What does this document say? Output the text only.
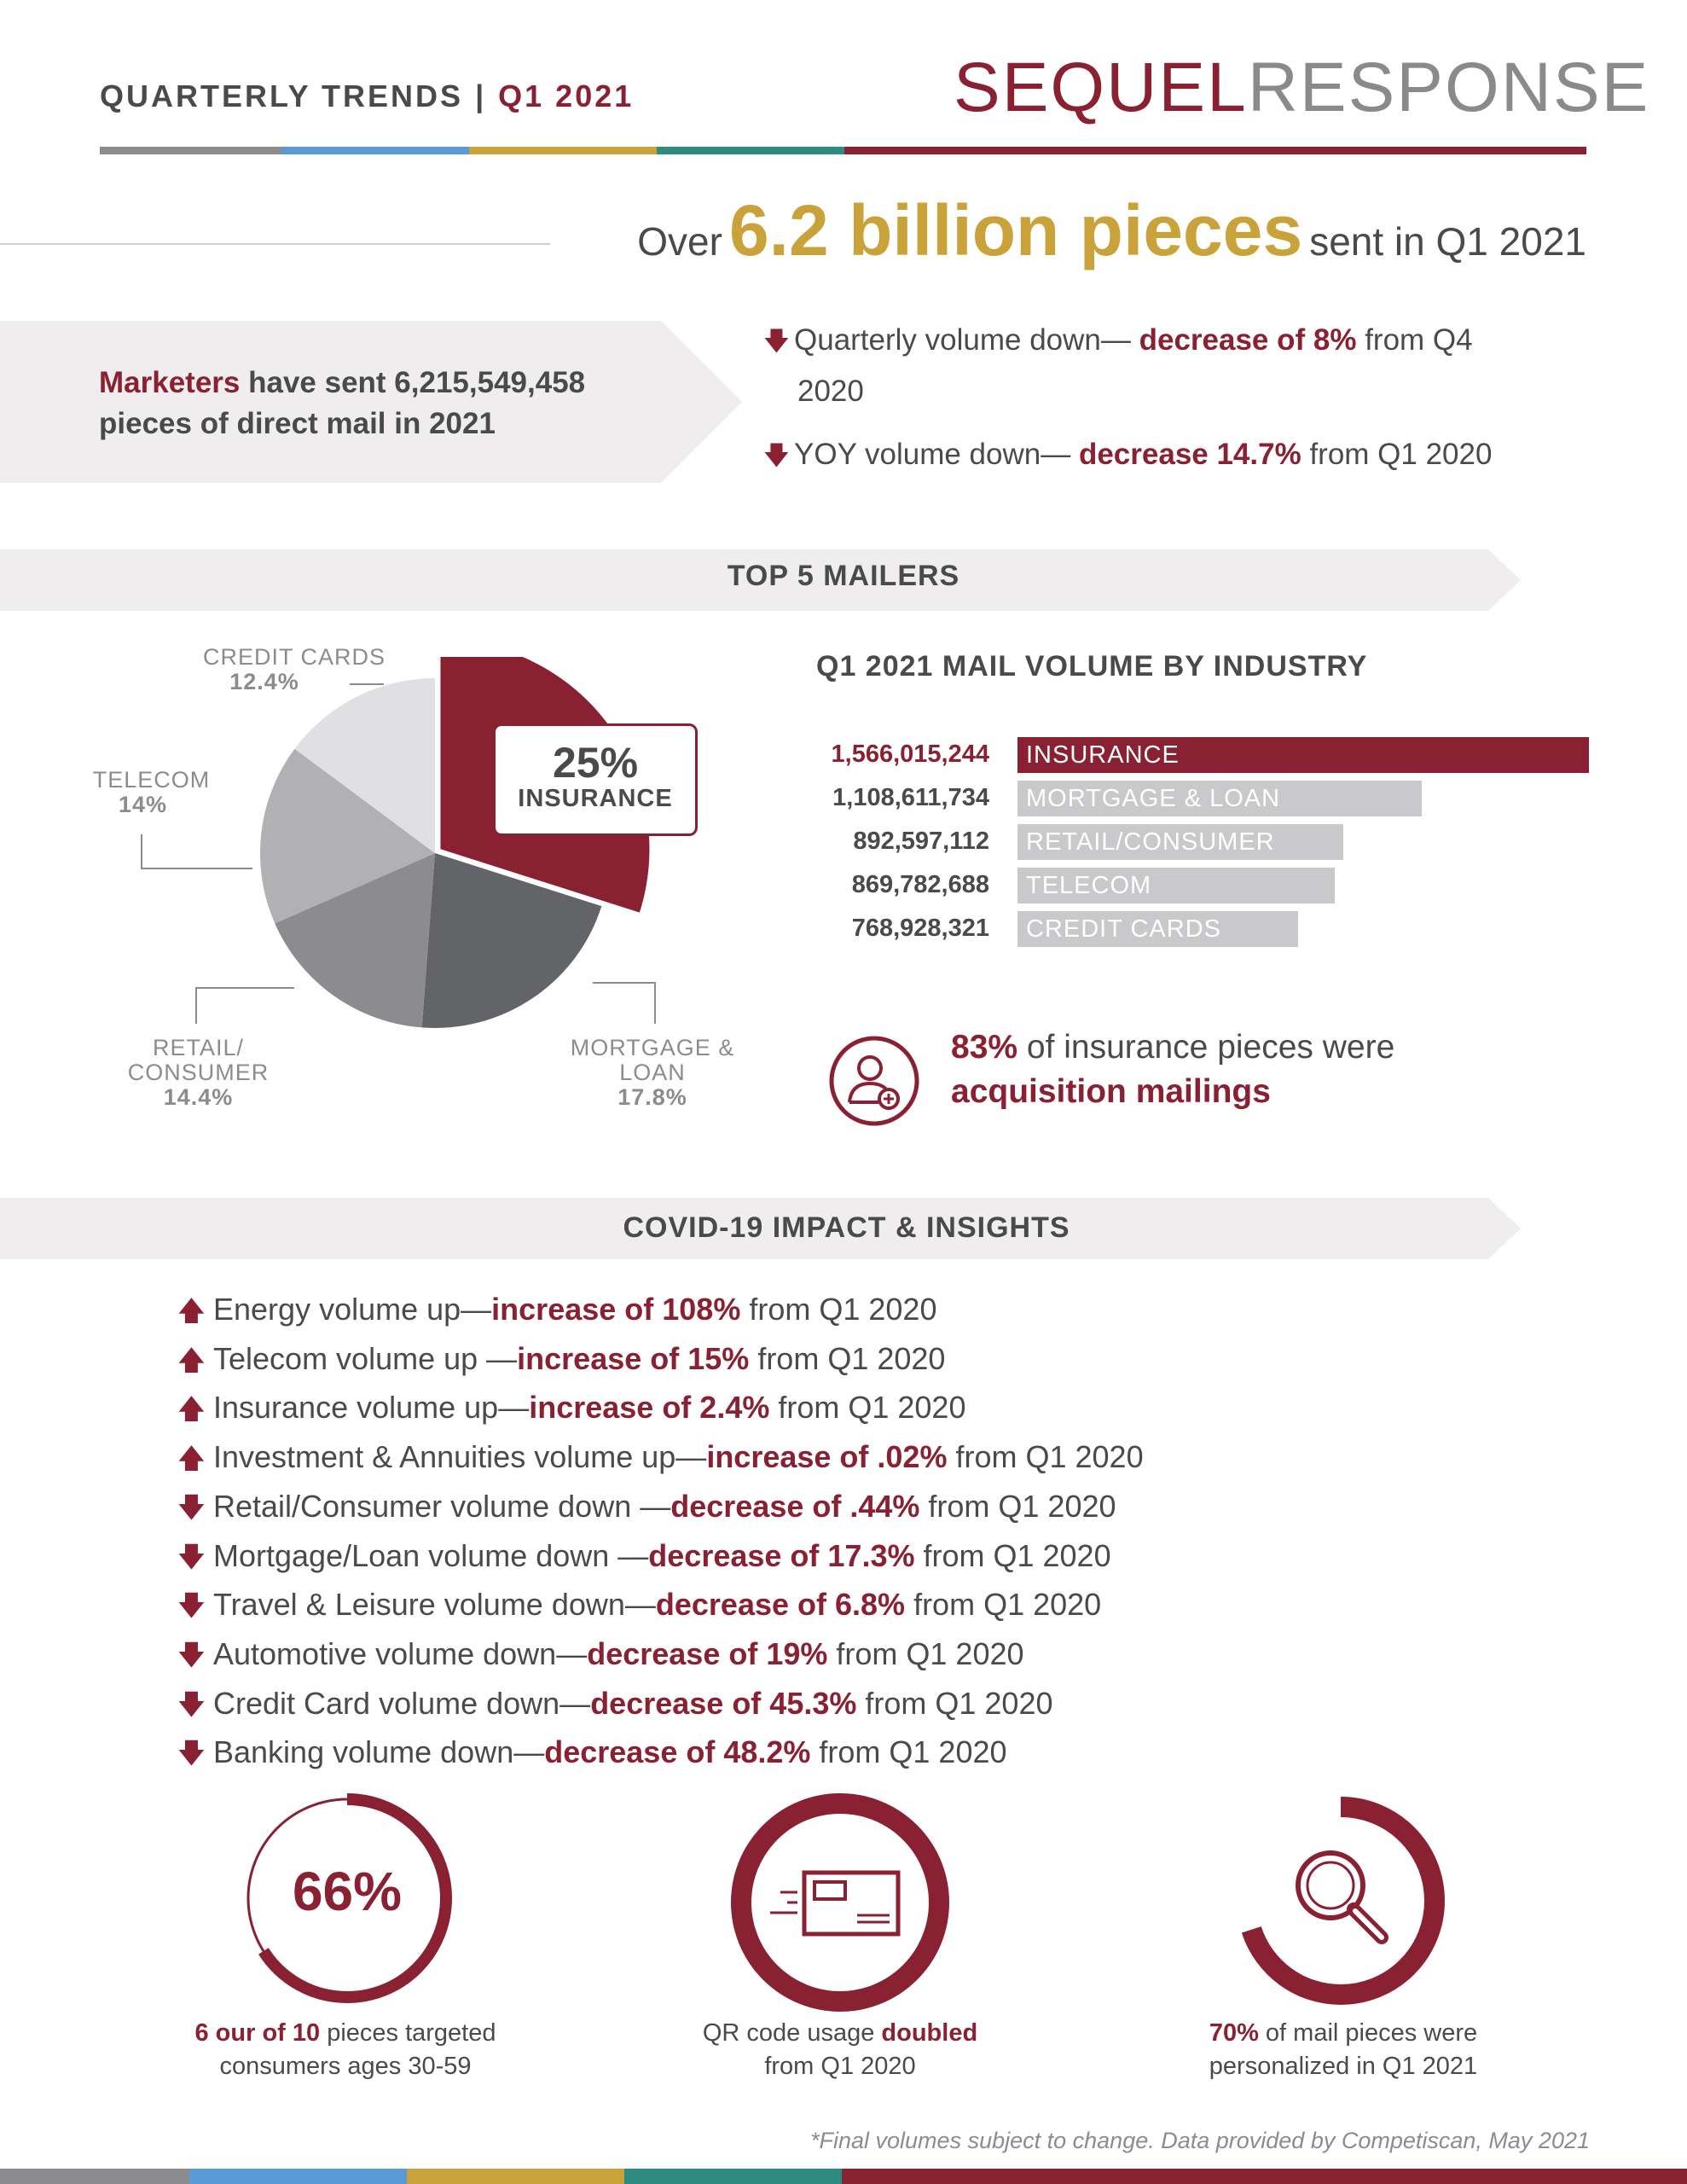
QUARTERLY TRENDS | Q1 2021	SEQUELRESPONSE
Over6.2 billion pieces sent in Q1 2021
Marketers have sent 6,215,549,458 pieces of direct mail in 2021
🡇 Quarterly volume down— decrease of 8% from Q4
2020
🡇 YOY volume down— decrease 14.7% from Q1 2020
TOP 5 MAILERS
CREDIT CARDS
12.4%
TELECOM
14%
RETAIL/
CONSUMER
14.4%
MORTGAGE &
LOAN
17.8%
25%
INSURANCE
Q1 2021 MAIL VOLUME BY INDUSTRY
1,566,015,244 INSURANCE
1,108,611,734 MORTGAGE & LOAN
892,597,112 RETAIL/CONSUMER
869,782,688 TELECOM
768,928,321 CREDIT CARDS
83% of insurance pieces were
acquisition mailings
COVID-19 IMPACT & INSIGHTS
🡅 Energy volume up—increase of 108% from Q1 2020
🡅 Telecom volume up —increase of 15% from Q1 2020
🡅 Insurance volume up—increase of 2.4% from Q1 2020
🡅 Investment & Annuities volume up—increase of .02% from Q1 2020
🡇 Retail/Consumer volume down —decrease of .44% from Q1 2020
🡇 Mortgage/Loan volume down —decrease of 17.3% from Q1 2020
🡇 Travel & Leisure volume down—decrease of 6.8% from Q1 2020
🡇 Automotive volume down—decrease of 19% from Q1 2020
🡇 Credit Card volume down—decrease of 45.3% from Q1 2020
🡇 Banking volume down—decrease of 48.2% from Q1 2020
66%
6 our of 10 pieces targeted
consumers ages 30-59
QR code usage doubled
from Q1 2020
70% of mail pieces were
personalized in Q1 2021
*Final volumes subject to change. Data provided by Competiscan, May 2021
